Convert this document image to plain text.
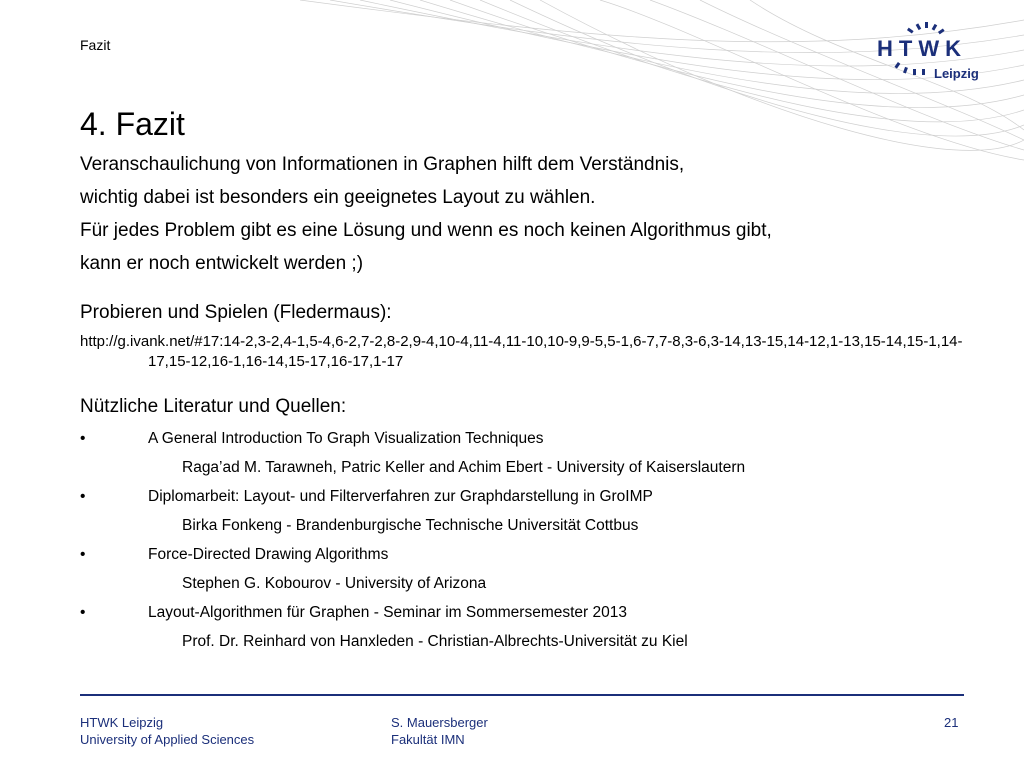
Fazit	HTWK
Leipzig
4. Fazit

Veranschaulichung von Informationen in Graphen hilft dem Verständnis,

wichtig dabei ist besonders ein geeignetes Layout zu wählen.

Für jedes Problem gibt es eine Lösung und wenn es noch keinen Algorithmus gibt,

kann er noch entwickelt werden ;)

Probieren und Spielen (Fledermaus):

http://g.ivank.net/#17:14-2,3-2,4-1,5-4,6-2,7-2,8-2,9-4,10-4,11-4,11-10,10-9,9-5,5-1,6-7,7-8,3-6,3-14,13-15,14-12,1-13,15-14,15-1,14-17,15-12,16-1,16-14,15-17,16-17,1-17

Nützliche Literatur und Quellen:

•	A General Introduction To Graph Visualization Techniques
Raga’ad M. Tarawneh, Patric Keller and Achim Ebert - University of Kaiserslautern
•	Diplomarbeit: Layout- und Filterverfahren zur Graphdarstellung in GroIMP
Birka Fonkeng - Brandenburgische Technische Universität Cottbus
•	Force-Directed Drawing Algorithms
Stephen G. Kobourov - University of Arizona
•	Layout-Algorithmen für Graphen - Seminar im Sommersemester 2013
Prof. Dr. Reinhard von Hanxleden - Christian-Albrechts-Universität zu Kiel
HTWK Leipzig
University of Applied Sciences
S. Mauersberger
Fakultät IMN
21
